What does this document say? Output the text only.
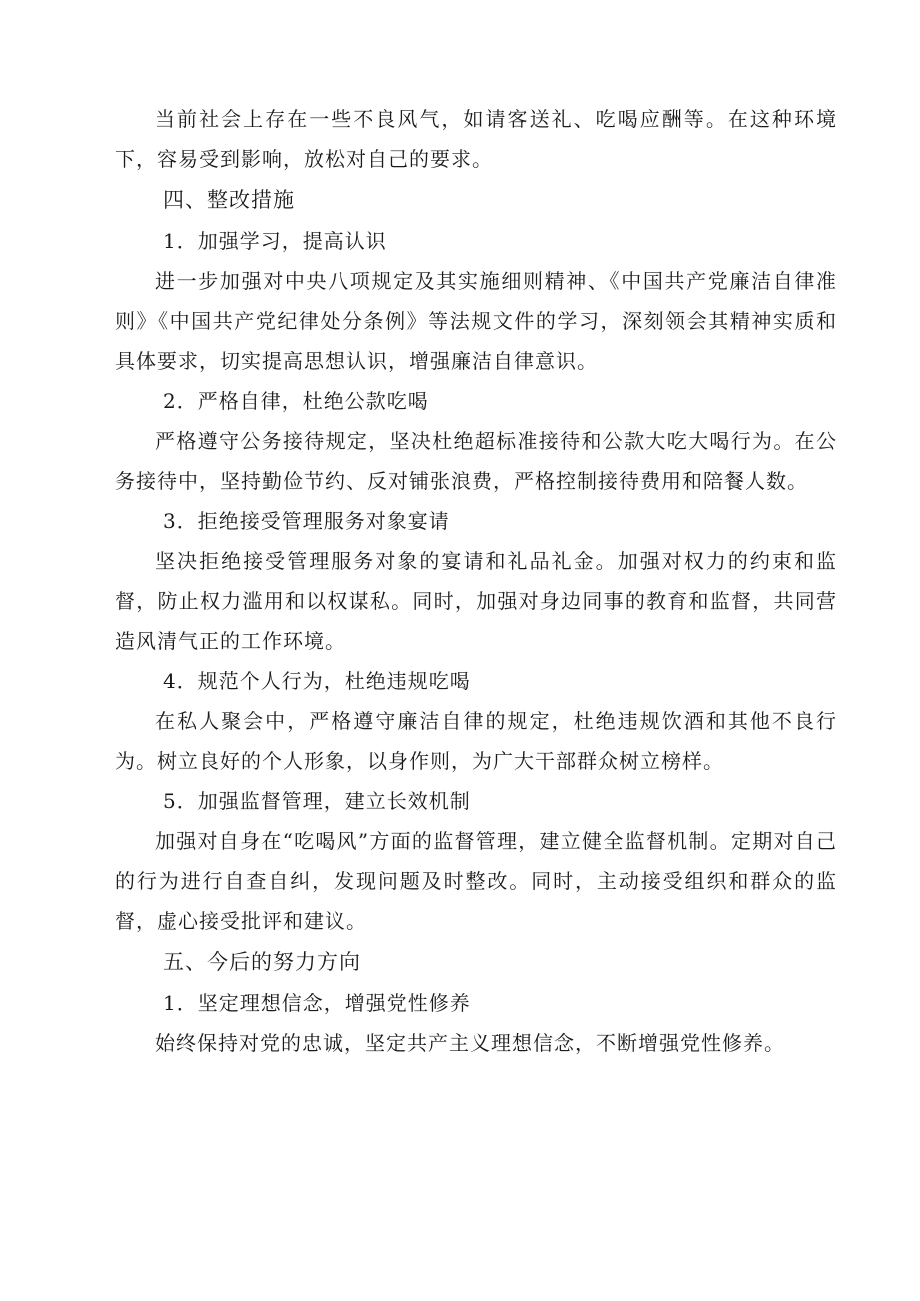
当前社会上存在一些不良风气，如请客送礼、吃喝应酬等。在这种环境下，容易受到影响，放松对自己的要求。

四、整改措施

1．加强学习，提高认识

进一步加强对中央八项规定及其实施细则精神、《中国共产党廉洁自律准则》《中国共产党纪律处分条例》等法规文件的学习，深刻领会其精神实质和具体要求，切实提高思想认识，增强廉洁自律意识。

2．严格自律，杜绝公款吃喝

严格遵守公务接待规定，坚决杜绝超标准接待和公款大吃大喝行为。在公务接待中，坚持勤俭节约、反对铺张浪费，严格控制接待费用和陪餐人数。

3．拒绝接受管理服务对象宴请

坚决拒绝接受管理服务对象的宴请和礼品礼金。加强对权力的约束和监督，防止权力滥用和以权谋私。同时，加强对身边同事的教育和监督，共同营造风清气正的工作环境。

4．规范个人行为，杜绝违规吃喝

在私人聚会中，严格遵守廉洁自律的规定，杜绝违规饮酒和其他不良行为。树立良好的个人形象，以身作则，为广大干部群众树立榜样。

5．加强监督管理，建立长效机制

加强对自身在“吃喝风”方面的监督管理，建立健全监督机制。定期对自己的行为进行自查自纠，发现问题及时整改。同时，主动接受组织和群众的监督，虚心接受批评和建议。

五、今后的努力方向

1．坚定理想信念，增强党性修养

始终保持对党的忠诚，坚定共产主义理想信念，不断增强党性修养。
